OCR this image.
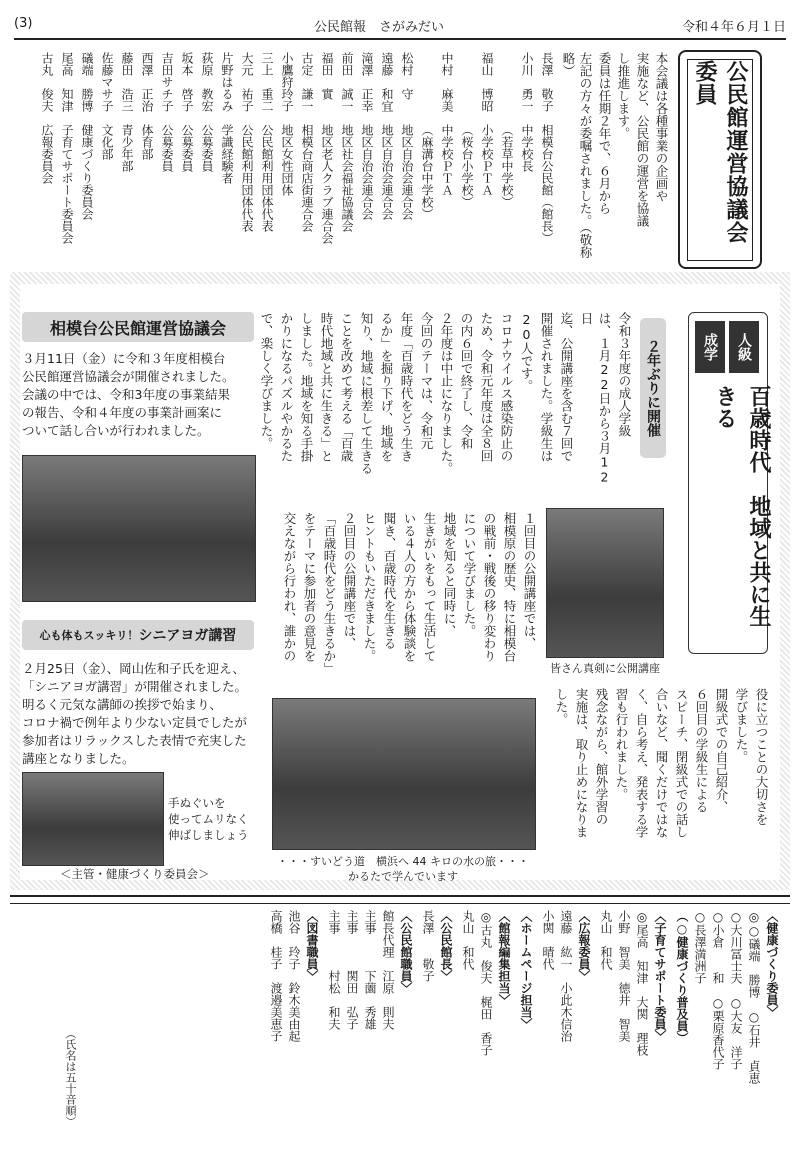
(3)	公民館報　さがみだい	令和４年６月１日
公民館運営協議会委員
本会議は各種事業の企画や
実施など、公民館の運営を協議
し推進します。
委員は任期２年で、６月から
左記の方々が委嘱されました。（敬称略）
長澤　敬子
相模台公民館（館長）
小川　勇一
中学校長
（若草中学校）
福山　博昭
小学校ＰＴＡ
（桜台小学校）
中村　麻美
中学校ＰＴＡ
（麻溝台中学校）
松村　守
地区自治会連合会
遠藤　和宜
地区自治会連合会
滝澤　正幸
地区自治会連合会
前田　誠一
地区社会福祉協議会
福田　實
地区老人クラブ連合会
古定　謙一
相模台商店街連合会
小鷹狩玲子
地区女性団体
三上　重二
公民館利用団体代表
大元　祐子
公民館利用団体代表
片野はるみ
学識経験者
荻原　教宏
公募委員
坂本　啓子
公募委員
吉田サチ子
公募委員
西澤　正治
体育部
藤田　浩三
青少年部
佐藤マサ子
文化部
礒端　勝博
健康づくり委員会
尾高　知津
子育てサポート委員会
古丸　俊夫
広報委員会
成学 人級
百歳時代　地域と共に生きる
２年ぶりに開催
令和３年度の成人学級
は、１月22日から３月12日
迄、公開講座を含む７回で
開催されました。学級生は
20人です。
コロナウイルス感染防止の
ため、令和元年度は全８回
の内６回で終了し、令和
２年度は中止になりました。
今回のテーマは、令和元
年度「百歳時代をどう生き
るか」を掘り下げ、地域を
知り、地域に根差して生きる
ことを改めて考える「百歳
時代地域と共に生きる」と
しました。地域を知る手掛
かりになるパズルやかるた
で、楽しく学びました。
１回目の公開講座では、
相模原の歴史、特に相模台
の戦前・戦後の移り変わり
について学びました。
地域を知ると同時に、
生きがいをもって生活して
いる４人の方から体験談を
聞き、百歳時代を生きる
ヒントもいただきました。
２回目の公開講座では、
「百歳時代をどう生きるか」
をテーマに参加者の意見を
交えながら行われ、誰かの
役に立つことの大切さを
学びました。
開級式での自己紹介、
６回目の学級生による
スピーチ、閉級式での話し
合いなど、聞くだけではな
く、自ら考え、発表する学
習も行われました。
残念ながら、館外学習の
実施は、取り止めになりま
した。
皆さん真剣に公開講座
・・・すいどう道　横浜へ 44 キロの水の旅・・・
かるたで学んでいます
相模台公民館運営協議会
３月11日（金）に令和３年度相模台
公民館運営協議会が開催されました。
会議の中では、令和3年度の事業結果
の報告、令和４年度の事業計画案に
ついて話し合いが行われました。
心も体もスッキリ！ シニアヨガ講習
２月25日（金）、岡山佐和子氏を迎え、
「シニアヨガ講習」が開催されました。
明るく元気な講師の挨拶で始まり、
コロナ禍で例年より少ない定員でしたが
参加者はリラックスした表情で充実した
講座となりました。
手ぬぐいを
使ってムリなく
伸ばしましょう
＜主管・健康づくり委員会＞
〈健康づくり委員〉
◎○礒端　勝博　○石井　貞恵
○大川冨士夫　○大友　洋子
○小倉　　和　○栗原香代子
○長澤満洲子
（○健康づくり普及員）
〈子育てサポート委員〉
◎尾高　知津　大関　理枝
小野　智美　徳井　智美
丸山　和代
〈広報委員〉
遠藤　紘一　小此木信治
小関　晴代
〈ホームページ担当〉
〈館報編集担当〉
◎古丸　俊夫　梶田　香子
丸山　和代
〈公民館長〉
長澤　　敬子
〈公民館職員〉
館長代理　江原　則夫
主事　　　下薗　秀雄
主事　　　関田　弘子
主事　　　村松　和夫
〈図書職員〉
池谷　玲子　鈴木美由起
高橋　桂子　渡邉美恵子
（氏名は五十音順）
